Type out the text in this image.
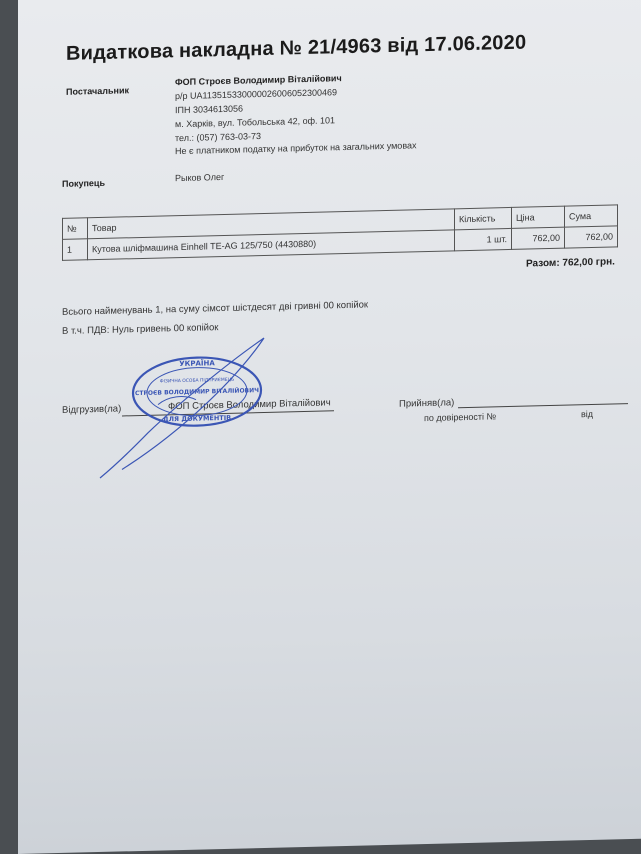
Видаткова накладна № 21/4963 від 17.06.2020
Постачальник
ФОП Строєв Володимир Віталійович
р/р UA113515330000026006052300469
ІПН 3034613056
м. Харків, вул. Тобольська 42, оф. 101
тел.: (057) 763-03-73
Не є платником податку на прибуток на загальних умовах
Покупець
Рыков Олег
№	Товар	Кількість	Ціна	Сума
1	Кутова шліфмашина Einhell TE-AG 125/750 (4430880)	1 шт.	762,00	762,00
Разом: 762,00 грн.
Всього найменувань 1, на суму сімсот шістдесят дві гривні 00 копійок
В т.ч. ПДВ: Нуль гривень 00 копійок
Відгрузив(ла)	ФОП Строєв Володимир Віталійович	Прийняв(ла)
по довіреності №	від
УКРАЇНА
ФІЗИЧНА ОСОБА ПІДПРИЄМЕЦЬ
СТРОЄВ ВОЛОДИМИР ВІТАЛІЙОВИЧ
ДЛЯ ДОКУМЕНТІВ
